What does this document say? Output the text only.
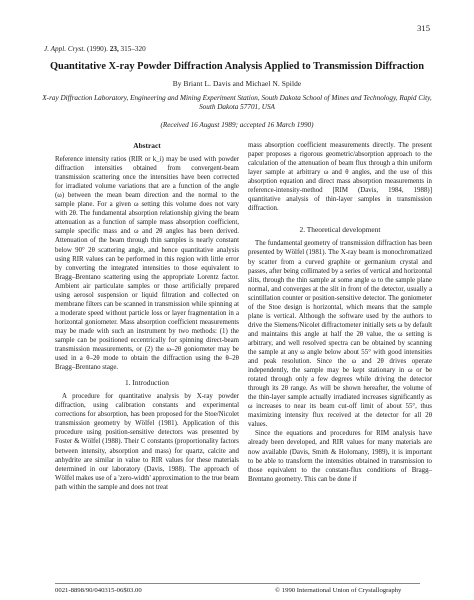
315
J. Appl. Cryst. (1990). 23, 315–320
Quantitative X-ray Powder Diffraction Analysis Applied to Transmission Diffraction
By Briant L. Davis and Michael N. Spilde
X-ray Diffraction Laboratory, Engineering and Mining Experiment Station, South Dakota School of Mines and Technology, Rapid City, South Dakota 57701, USA
(Received 16 August 1989; accepted 16 March 1990)
Abstract

Reference intensity ratios (RIR or k_i) may be used with powder diffraction intensities obtained from convergent-beam transmission scattering once the intensities have been corrected for irradiated volume variations that are a function of the angle (ω) between the mean beam direction and the normal to the sample plane. For a given ω setting this volume does not vary with 2θ. The fundamental absorption relationship giving the beam attenuation as a function of sample mass absorption coefficient, sample specific mass and ω and 2θ angles has been derived. Attenuation of the beam through thin samples is nearly constant below 90° 2θ scattering angle, and hence quantitative analysis using RIR values can be performed in this region with little error by converting the integrated intensities to those equivalent to Bragg–Brentano scattering using the appropriate Lorentz factor. Ambient air particulate samples or those artificially prepared using aerosol suspension or liquid filtration and collected on membrane filters can be scanned in transmission while spinning at a moderate speed without particle loss or layer fragmentation in a horizontal goniometer. Mass absorption coefficient measurements may be made with such an instrument by two methods: (1) the sample can be positioned eccentrically for spinning direct-beam transmission measurements, or (2) the ω–2θ goniometer may be used in a θ–2θ mode to obtain the diffraction using the θ–2θ Bragg–Brentano stage.

1. Introduction

A procedure for quantitative analysis by X-ray powder diffraction, using calibration constants and experimental corrections for absorption, has been proposed for the Stoe/Nicolet transmission geometry by Wölfel (1981). Application of this procedure using position-sensitive detectors was presented by Foster & Wölfel (1988). Their C constants (proportionality factors between intensity, absorption and mass) for quartz, calcite and anhydrite are similar in value to RIR values for these materials determined in our laboratory (Davis, 1988). The approach of Wölfel makes use of a 'zero-width' approximation to the true beam path within the sample and does not treat

mass absorption coefficient measurements directly. The present paper proposes a rigorous geometric/absorption approach to the calculation of the attenuation of beam flux through a thin uniform layer sample at arbitrary ω and θ angles, and the use of this absorption equation and direct mass absorption measurements in reference-intensity-method [RIM (Davis, 1984, 1988)] quantitative analysis of thin-layer samples in transmission diffraction.

2. Theoretical development

The fundamental geometry of transmission diffraction has been presented by Wölfel (1981). The X-ray beam is monochromatized by scatter from a curved graphite or germanium crystal and passes, after being collimated by a series of vertical and horizontal slits, through the thin sample at some angle ω to the sample plane normal, and converges at the slit in front of the detector, usually a scintillation counter or position-sensitive detector. The goniometer of the Stoe design is horizontal, which means that the sample plane is vertical. Although the software used by the authors to drive the Siemens/Nicolet diffractometer initially sets ω by default and maintains this angle at half the 2θ value, the ω setting is arbitrary, and well resolved spectra can be obtained by scanning the sample at any ω angle below about 55° with good intensities and peak resolution. Since the ω and 2θ drives operate independently, the sample may be kept stationary in ω or be rotated through only a few degrees while driving the detector through its 2θ range. As will be shown hereafter, the volume of the thin-layer sample actually irradiated increases significantly as ω increases to near its beam cut-off limit of about 55°, thus maximizing intensity flux received at the detector for all 2θ values.

Since the equations and procedures for RIM analysis have already been developed, and RIR values for many materials are now available (Davis, Smith & Holomany, 1989), it is important to be able to transform the intensities obtained in transmission to those equivalent to the constant-flux conditions of Bragg–Brentano geometry. This can be done if

0021-8898/90/040315-06$03.00	© 1990 International Union of Crystallography
